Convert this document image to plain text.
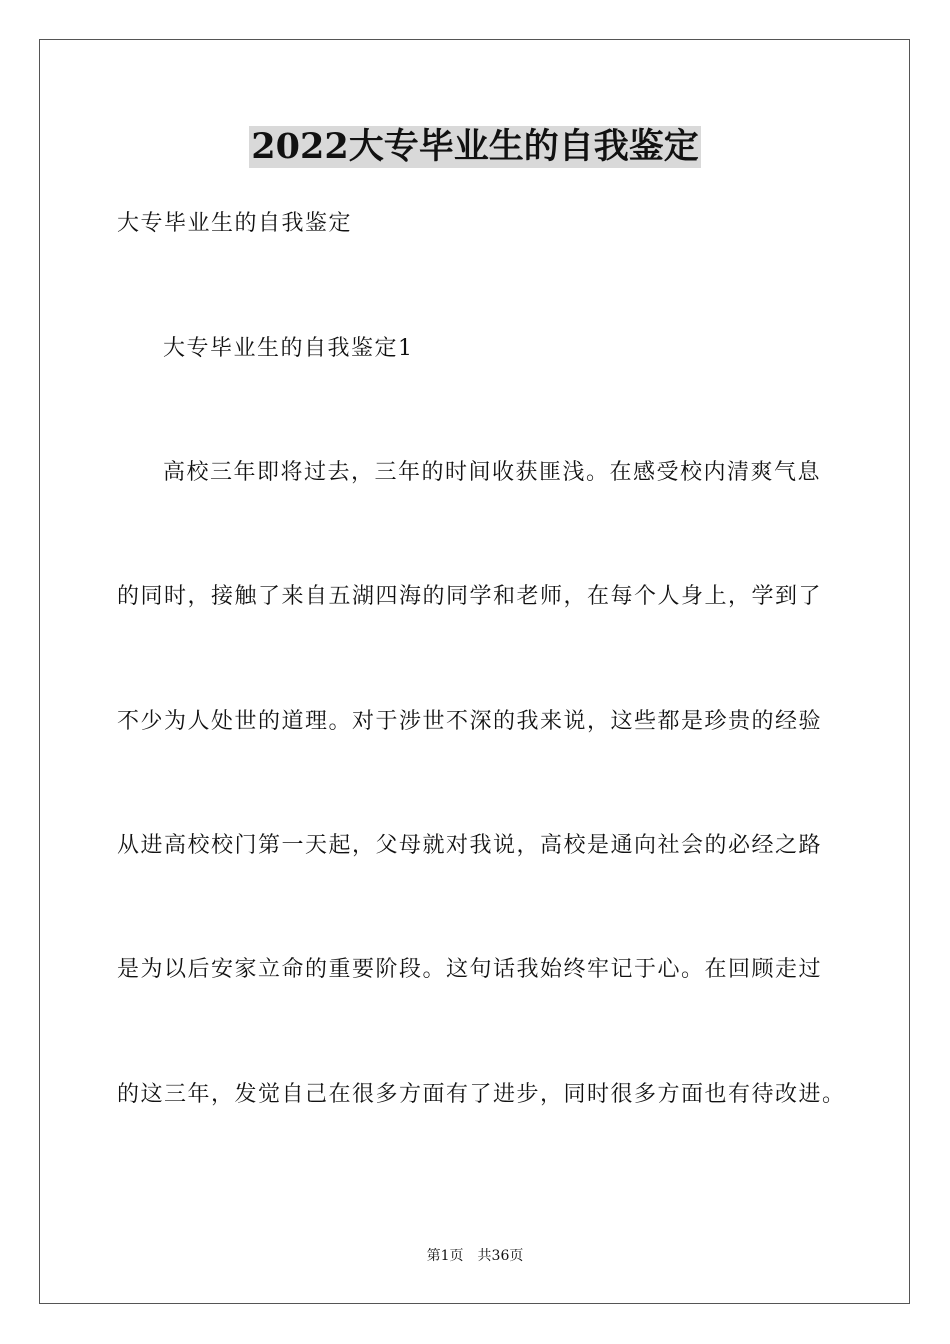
2022大专毕业生的自我鉴定
大专毕业生的自我鉴定
大专毕业生的自我鉴定1
高校三年即将过去，三年的时间收获匪浅。在感受校内清爽气息
的同时，接触了来自五湖四海的同学和老师，在每个人身上，学到了
不少为人处世的道理。对于涉世不深的我来说，这些都是珍贵的经验
从进高校校门第一天起，父母就对我说，高校是通向社会的必经之路
是为以后安家立命的重要阶段。这句话我始终牢记于心。在回顾走过
的这三年，发觉自己在很多方面有了进步，同时很多方面也有待改进。
第1页 共36页
